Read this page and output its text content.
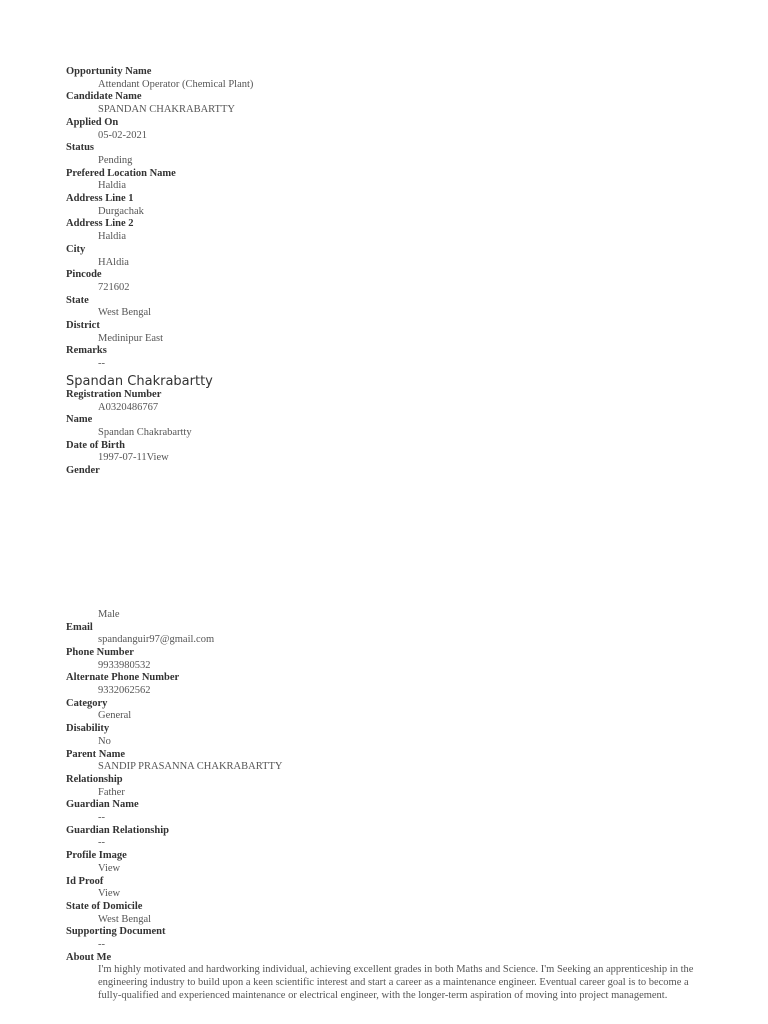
Opportunity Name
Attendant Operator (Chemical Plant)
Candidate Name
SPANDAN CHAKRABARTTY
Applied On
05-02-2021
Status
Pending
Prefered Location Name
Haldia
Address Line 1
Durgachak
Address Line 2
Haldia
City
HAldia
Pincode
721602
State
West Bengal
District
Medinipur East
Remarks
--
Spandan Chakrabartty
Registration Number
A0320486767
Name
Spandan Chakrabartty
Date of Birth
1997-07-11View
Gender
Male
Email
spandanguir97@gmail.com
Phone Number
9933980532
Alternate Phone Number
9332062562
Category
General
Disability
No
Parent Name
SANDIP PRASANNA CHAKRABARTTY
Relationship
Father
Guardian Name
--
Guardian Relationship
--
Profile Image
View
Id Proof
View
State of Domicile
West Bengal
Supporting Document
--
About Me
I'm highly motivated and hardworking individual, achieving excellent grades in both Maths and Science. I'm Seeking an apprenticeship in the engineering industry to build upon a keen scientific interest and start a career as a maintenance engineer. Eventual career goal is to become a fully-qualified and experienced maintenance or electrical engineer, with the longer-term aspiration of moving into project management.
